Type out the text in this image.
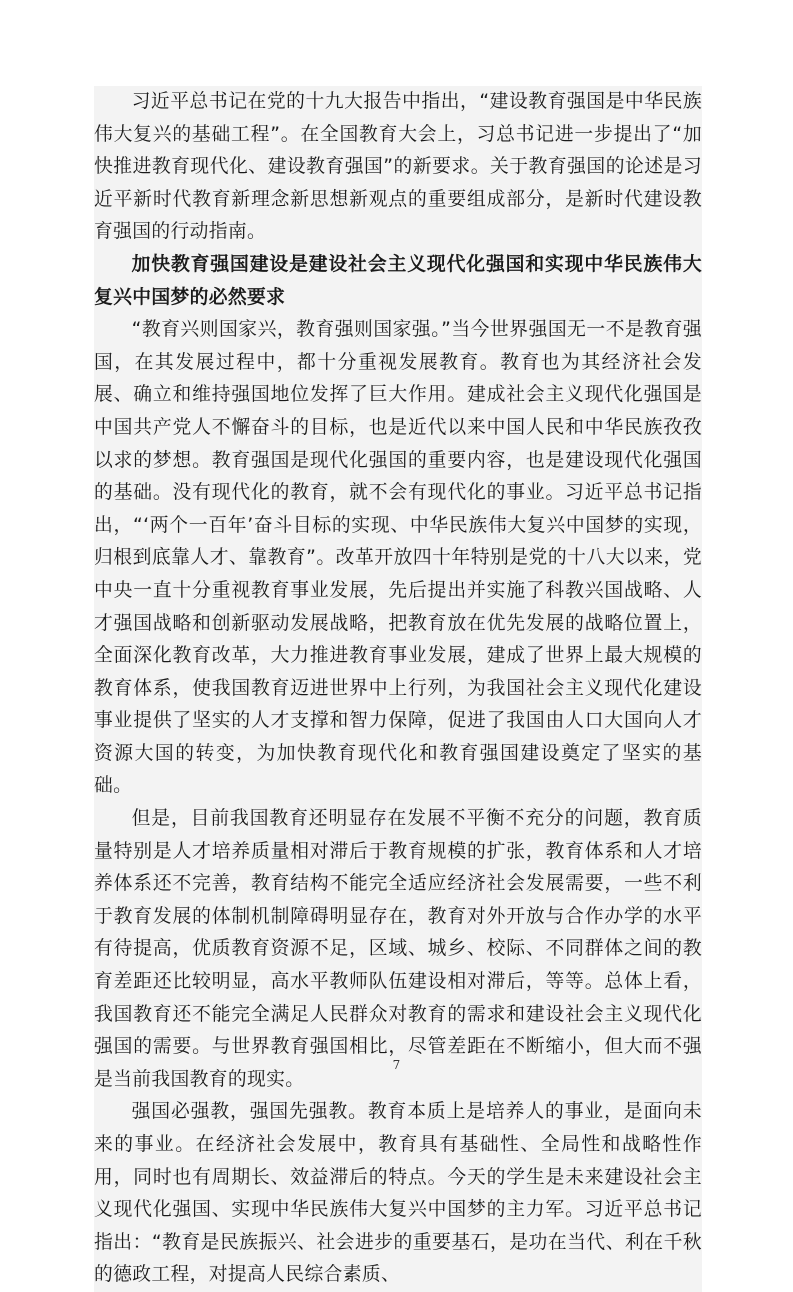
习近平总书记在党的十九大报告中指出，“建设教育强国是中华民族伟大复兴的基础工程”。在全国教育大会上，习总书记进一步提出了“加快推进教育现代化、建设教育强国”的新要求。关于教育强国的论述是习近平新时代教育新理念新思想新观点的重要组成部分，是新时代建设教育强国的行动指南。

加快教育强国建设是建设社会主义现代化强国和实现中华民族伟大复兴中国梦的必然要求

“教育兴则国家兴，教育强则国家强。”当今世界强国无一不是教育强国，在其发展过程中，都十分重视发展教育。教育也为其经济社会发展、确立和维持强国地位发挥了巨大作用。建成社会主义现代化强国是中国共产党人不懈奋斗的目标，也是近代以来中国人民和中华民族孜孜以求的梦想。教育强国是现代化强国的重要内容，也是建设现代化强国的基础。没有现代化的教育，就不会有现代化的事业。习近平总书记指出，“‘两个一百年’奋斗目标的实现、中华民族伟大复兴中国梦的实现，归根到底靠人才、靠教育”。改革开放四十年特别是党的十八大以来，党中央一直十分重视教育事业发展，先后提出并实施了科教兴国战略、人才强国战略和创新驱动发展战略，把教育放在优先发展的战略位置上，全面深化教育改革，大力推进教育事业发展，建成了世界上最大规模的教育体系，使我国教育迈进世界中上行列，为我国社会主义现代化建设事业提供了坚实的人才支撑和智力保障，促进了我国由人口大国向人才资源大国的转变，为加快教育现代化和教育强国建设奠定了坚实的基础。

但是，目前我国教育还明显存在发展不平衡不充分的问题，教育质量特别是人才培养质量相对滞后于教育规模的扩张，教育体系和人才培养体系还不完善，教育结构不能完全适应经济社会发展需要，一些不利于教育发展的体制机制障碍明显存在，教育对外开放与合作办学的水平有待提高，优质教育资源不足，区域、城乡、校际、不同群体之间的教育差距还比较明显，高水平教师队伍建设相对滞后，等等。总体上看，我国教育还不能完全满足人民群众对教育的需求和建设社会主义现代化强国的需要。与世界教育强国相比，尽管差距在不断缩小，但大而不强是当前我国教育的现实。

强国必强教，强国先强教。教育本质上是培养人的事业，是面向未来的事业。在经济社会发展中，教育具有基础性、全局性和战略性作用，同时也有周期长、效益滞后的特点。今天的学生是未来建设社会主义现代化强国、实现中华民族伟大复兴中国梦的主力军。习近平总书记指出：“教育是民族振兴、社会进步的重要基石，是功在当代、利在千秋的德政工程，对提高人民综合素质、

7
